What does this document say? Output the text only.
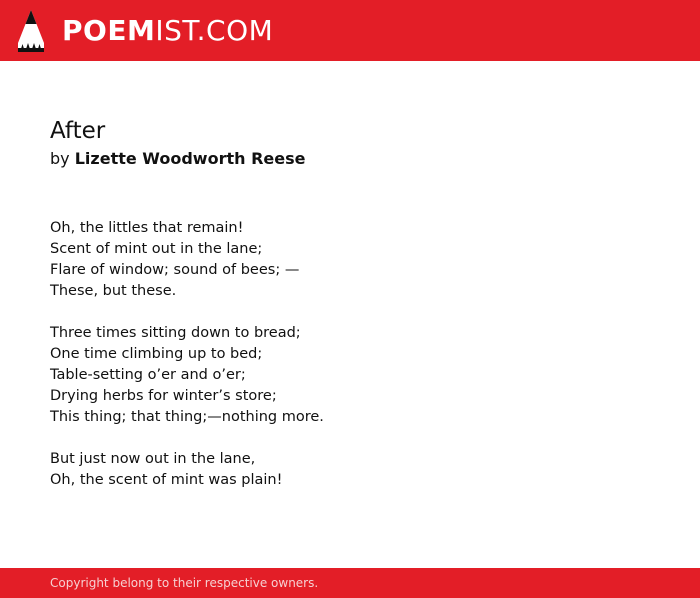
POEMIST.COM
After
by Lizette Woodworth Reese
Oh, the littles that remain!
Scent of mint out in the lane;
Flare of window; sound of bees; —
These, but these.
Three times sitting down to bread;
One time climbing up to bed;
Table-setting o’er and o’er;
Drying herbs for winter’s store;
This thing; that thing;—nothing more.
But just now out in the lane,
Oh, the scent of mint was plain!
Copyright belong to their respective owners.
